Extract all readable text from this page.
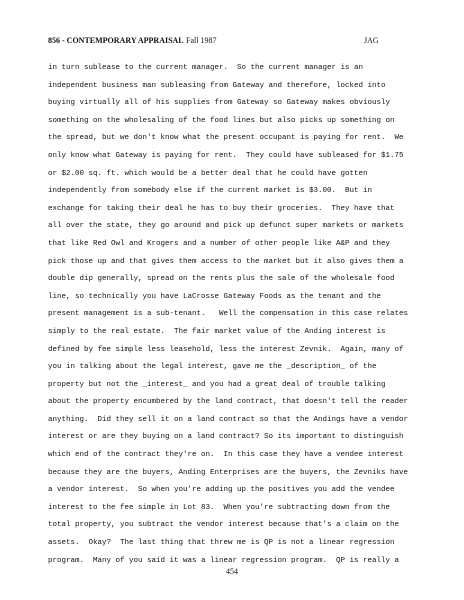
856 - CONTEMPORARY APPRAISAL Fall 1987	JAG
in turn sublease to the current manager.  So the current manager is an
independent business man subleasing from Gateway and therefore, locked into
buying virtually all of his supplies from Gateway so Gateway makes obviously
something on the wholesaling of the food lines but also picks up something on
the spread, but we don't know what the present occupant is paying for rent.  We
only know what Gateway is paying for rent.  They could have subleased for $1.75
or $2.00 sq. ft. which would be a better deal that he could have gotten
independently from somebody else if the current market is $3.00.  But in
exchange for taking their deal he has to buy their groceries.  They have that
all over the state, they go around and pick up defunct super markets or markets
that like Red Owl and Krogers and a number of other people like A&P and they
pick those up and that gives them access to the market but it also gives them a
double dip generally, spread on the rents plus the sale of the wholesale food
line, so technically you have LaCrosse Gateway Foods as the tenant and the
present management is a sub-tenant.   Well the compensation in this case relates
simply to the real estate.  The fair market value of the Anding interest is
defined by fee simple less leasehold, less the interest Zevnik.  Again, many of
you in talking about the legal interest, gave me the _description_ of the
property but not the _interest_ and you had a great deal of trouble talking
about the property encumbered by the land contract, that doesn't tell the reader
anything.  Did they sell it on a land contract so that the Andings have a vendor
interest or are they buying on a land contract? So its important to distinguish
which end of the contract they're on.  In this case they have a vendee interest
because they are the buyers, Anding Enterprises are the buyers, the Zevniks have
a vendor interest.  So when you're adding up the positives you add the vendee
interest to the fee simple in Lot 83.  When you're subtracting down from the
total property, you subtract the vendor interest because that's a claim on the
assets.  Okay?  The last thing that threw me is QP is not a linear regression
program.  Many of you said it was a linear regression program.  QP is really a
454
